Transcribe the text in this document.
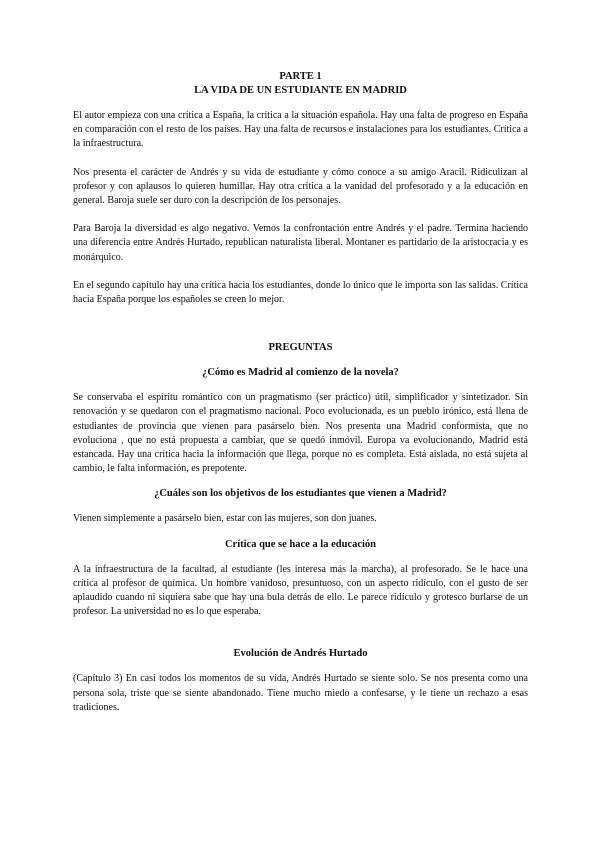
PARTE 1
LA VIDA DE UN ESTUDIANTE EN MADRID

El autor empieza con una crítica a España, la crítica a la situación española. Hay una falta de progreso en España en comparación con el resto de los países. Hay una falta de recursos e instalaciones para los estudiantes. Crítica a la infraestructura.

Nos presenta el carácter de Andrés y su vida de estudiante y cómo conoce a su amigo Aracil. Ridiculizan al profesor y con aplausos lo quieren humillar. Hay otra crítica a la vanidad del profesorado y a la educación en general. Baroja suele ser duro con la descripción de los personajes.

Para Baroja la diversidad es algo negativo. Vemos la confrontación entre Andrés y el padre. Termina haciendo una diferencia entre Andrés Hurtado, republican naturalista liberal. Montaner es partidario de la aristocracia y es monárquico.

En el segundo capítulo hay una crítica hacia los estudiantes, donde lo único que le importa son las salidas. Crítica hacia España porque los españoles se creen lo mejor.

PREGUNTAS
¿Cómo es Madrid al comienzo de la novela?

Se conservaba el espíritu romántico con un pragmatismo (ser práctico) útil, simplificador y sintetizador. Sin renovación y se quedaron con el pragmatismo nacional. Poco evolucionada, es un pueblo irónico, está llena de estudiantes de provincia que vienen para pasárselo bien. Nos presenta una Madrid conformista, que no evoluciona , que no está propuesta a cambiar, que se quedó inmóvil. Europa va evolucionando, Madrid está estancada. Hay una crítica hacia la información que llega, porque no es completa. Está aislada, no está sujeta al cambio, le falta información, es prepotente.

¿Cuáles son los objetivos de los estudiantes que vienen a Madrid?

Vienen simplemente a pasárselo bien, estar con las mujeres, son don juanes.

Crítica que se hace a la educación

A la infraestructura de la facultad, al estudiante (les interesa más la marcha), al profesorado. Se le hace una crítica al profesor de química. Un hombre vanidoso, presuntuoso, con un aspecto ridículo, con el gusto de ser aplaudido cuando ni siquiera sabe que hay una bula detrás de ello. Le parece ridículo y grotesco burlarse de un profesor. La universidad no es lo que esperaba.

Evolución de Andrés Hurtado

(Capítulo 3) En casi todos los momentos de su vida, Andrés Hurtado se siente solo. Se nos presenta como una persona sola, triste que se siente abandonado. Tiene mucho miedo a confesarse, y le tiene un rechazo a esas tradiciones.
